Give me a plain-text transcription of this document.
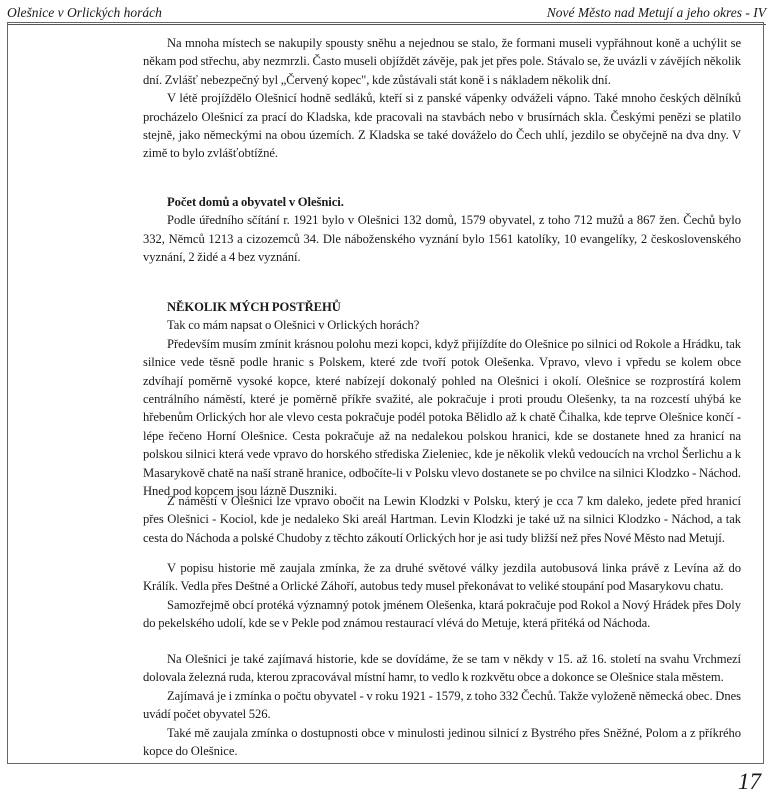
Olešnice v Orlických horách	Nové Město nad Metují a jeho okres - IV

Na mnoha místech se nakupily spousty sněhu a nejednou se stalo, že formani museli vypřáhnout koně a uchýlit se někam pod střechu, aby nezmrzli. Často museli objíždět závěje, pak jet přes pole. Stávalo se, že uvázli v závějích několik dní. Zvlášť nebezpečný byl „Červený kopec", kde zůstávali stát koně i s nákladem několik dní.

V létě projíždělo Olešnicí hodně sedláků, kteří si z panské vápenky odváželi vápno. Také mnoho českých dělníků procházelo Olešnicí za prací do Kladska, kde pracovali na stavbách nebo v brusírnách skla. Českými penězi se platilo stejně, jako německými na obou územích. Z Kladska se také dováželo do Čech uhlí, jezdilo se obyčejně na dva dny. V zimě to bylo zvlášťobtížné.

Počet domů a obyvatel v Olešnici.

Podle úředního sčítání r. 1921 bylo v Olešnici 132 domů, 1579 obyvatel, z toho 712 mužů a 867 žen. Čechů bylo 332, Němců 1213 a cizozemců 34. Dle náboženského vyznání bylo 1561 katolíky, 10 evangelíky, 2 československého vyznání, 2 židé a 4 bez vyznání.

NĚKOLIK MÝCH POSTŘEHŮ

Tak co mám napsat o Olešnici v Orlických horách?

Především musím zmínit krásnou polohu mezi kopci, když přijíždíte do Olešnice po silnici od Rokole a Hrádku, tak silnice vede těsně podle hranic s Polskem, které zde tvoří potok Olešenka. Vpravo, vlevo i vpředu se kolem obce zdvíhají poměrně vysoké kopce, které nabízejí dokonalý pohled na Olešnici i okolí. Olešnice se rozprostírá kolem centrálního náměstí, které je poměrně příkře svažité, ale pokračuje i proti proudu Olešenky, ta na rozcestí uhýbá ke hřebenům Orlických hor ale vlevo cesta pokračuje podél potoka Bělidlo až k chatě Čihalka, kde teprve Olešnice končí - lépe řečeno Horní Olešnice. Cesta pokračuje až na nedalekou polskou hranici, kde se dostanete hned za hranicí na polskou silnici která vede vpravo do horského střediska Zieleniec, kde je několik vleků vedoucích na vrchol Šerlichu a k Masarykově chatě na naší straně hranice, odbočíte-li v Polsku vlevo dostanete se po chvilce na silnici Klodzko - Náchod. Hned pod kopcem jsou lázně Duszniki.

Z náměstí v Olešnici lze vpravo obočit na Lewin Klodzki v Polsku, který je cca 7 km daleko, jedete před hranicí přes Olešnici - Kociol, kde je nedaleko Ski areál Hartman. Levin Klodzki je také už na silnici Klodzko - Náchod, a tak cesta do Náchoda a polské Chudoby z těchto zákoutí Orlických hor je asi tudy bližší než přes Nové Město nad Metují.

V popisu historie mě zaujala zmínka, že za druhé světové války jezdila autobusová linka právě z Levína až do Králík. Vedla přes Deštné a Orlické Záhoří, autobus tedy musel překonávat to veliké stoupání pod Masarykovu chatu.

Samozřejmě obcí protéká významný potok jménem Olešenka, ktará pokračuje pod Rokol a Nový Hrádek přes Doly do pekelského udolí, kde se v Pekle pod známou restaurací vlévá do Metuje, která přitéká od Náchoda.

Na Olešnici je také zajímavá historie, kde se dovídáme, že se tam v někdy v 15. až 16. století na svahu Vrchmezí dolovala železná ruda, kterou zpracovával místní hamr, to vedlo k rozkvětu obce a dokonce se Olešnice stala městem.

Zajímavá je i zmínka o počtu obyvatel - v roku 1921 - 1579, z toho 332 Čechů. Takže vyloženě německá obec. Dnes uvádí počet obyvatel 526.

Také mě zaujala zmínka o dostupnosti obce v minulosti jedinou silnicí z Bystrého přes Sněžné, Polom a z příkrého kopce do Olešnice.

17
